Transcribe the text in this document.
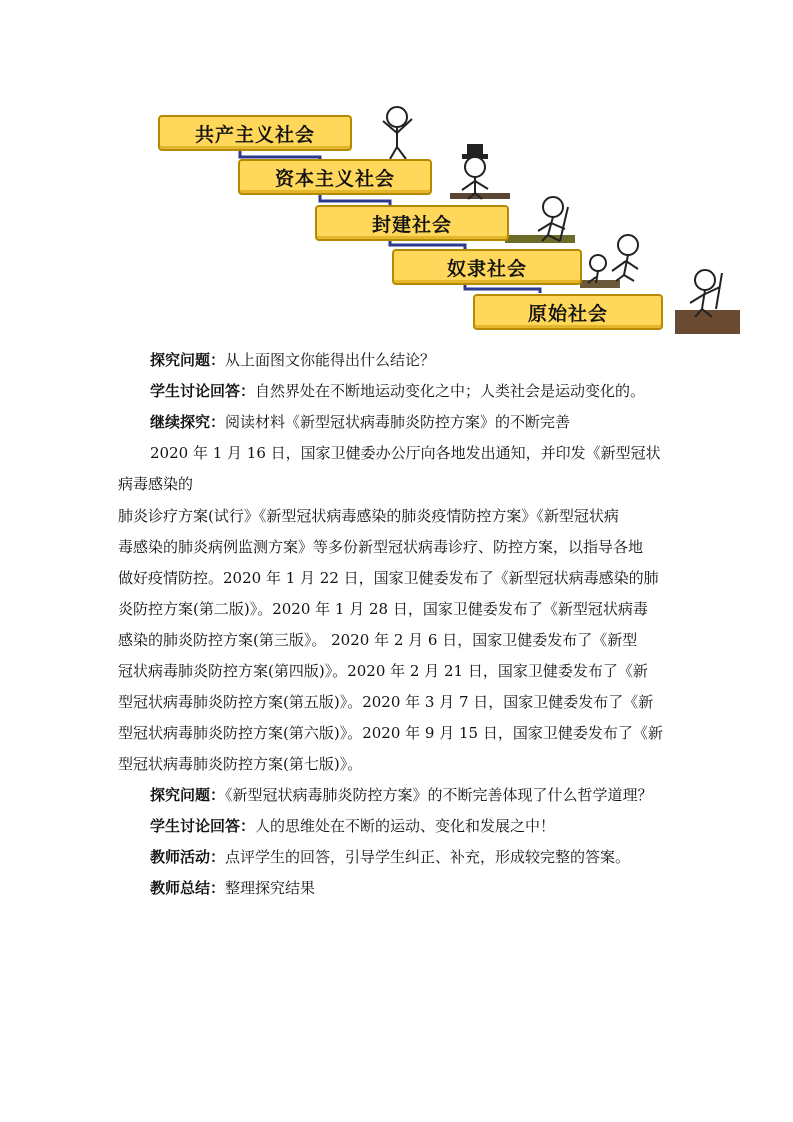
共产主义社会
资本主义社会
封建社会
奴隶社会
原始社会
探究问题：从上面图文你能得出什么结论？
学生讨论回答：自然界处在不断地运动变化之中；人类社会是运动变化的。
继续探究：阅读材料《新型冠状病毒肺炎防控方案》的不断完善
2020 年 1 月 16 日，国家卫健委办公厅向各地发出通知，并印发《新型冠状
病毒感染的
肺炎诊疗方案(试行》《新型冠状病毒感染的肺炎疫情防控方案》《新型冠状病
毒感染的肺炎病例监测方案》等多份新型冠状病毒诊疗、防控方案，以指导各地
做好疫情防控。2020 年 1 月 22 日，国家卫健委发布了《新型冠状病毒感染的肺
炎防控方案(第二版)》。2020 年 1 月 28 日，国家卫健委发布了《新型冠状病毒
感染的肺炎防控方案(第三版》。 2020 年 2 月 6 日，国家卫健委发布了《新型
冠状病毒肺炎防控方案(第四版)》。2020 年 2 月 21 日，国家卫健委发布了《新
型冠状病毒肺炎防控方案(第五版)》。2020 年 3 月 7 日，国家卫健委发布了《新
型冠状病毒肺炎防控方案(第六版)》。2020 年 9 月 15 日，国家卫健委发布了《新
型冠状病毒肺炎防控方案(第七版)》。
探究问题：《新型冠状病毒肺炎防控方案》的不断完善体现了什么哲学道理？
学生讨论回答：人的思维处在不断的运动、变化和发展之中！
教师活动：点评学生的回答，引导学生纠正、补充，形成较完整的答案。
教师总结：整理探究结果
